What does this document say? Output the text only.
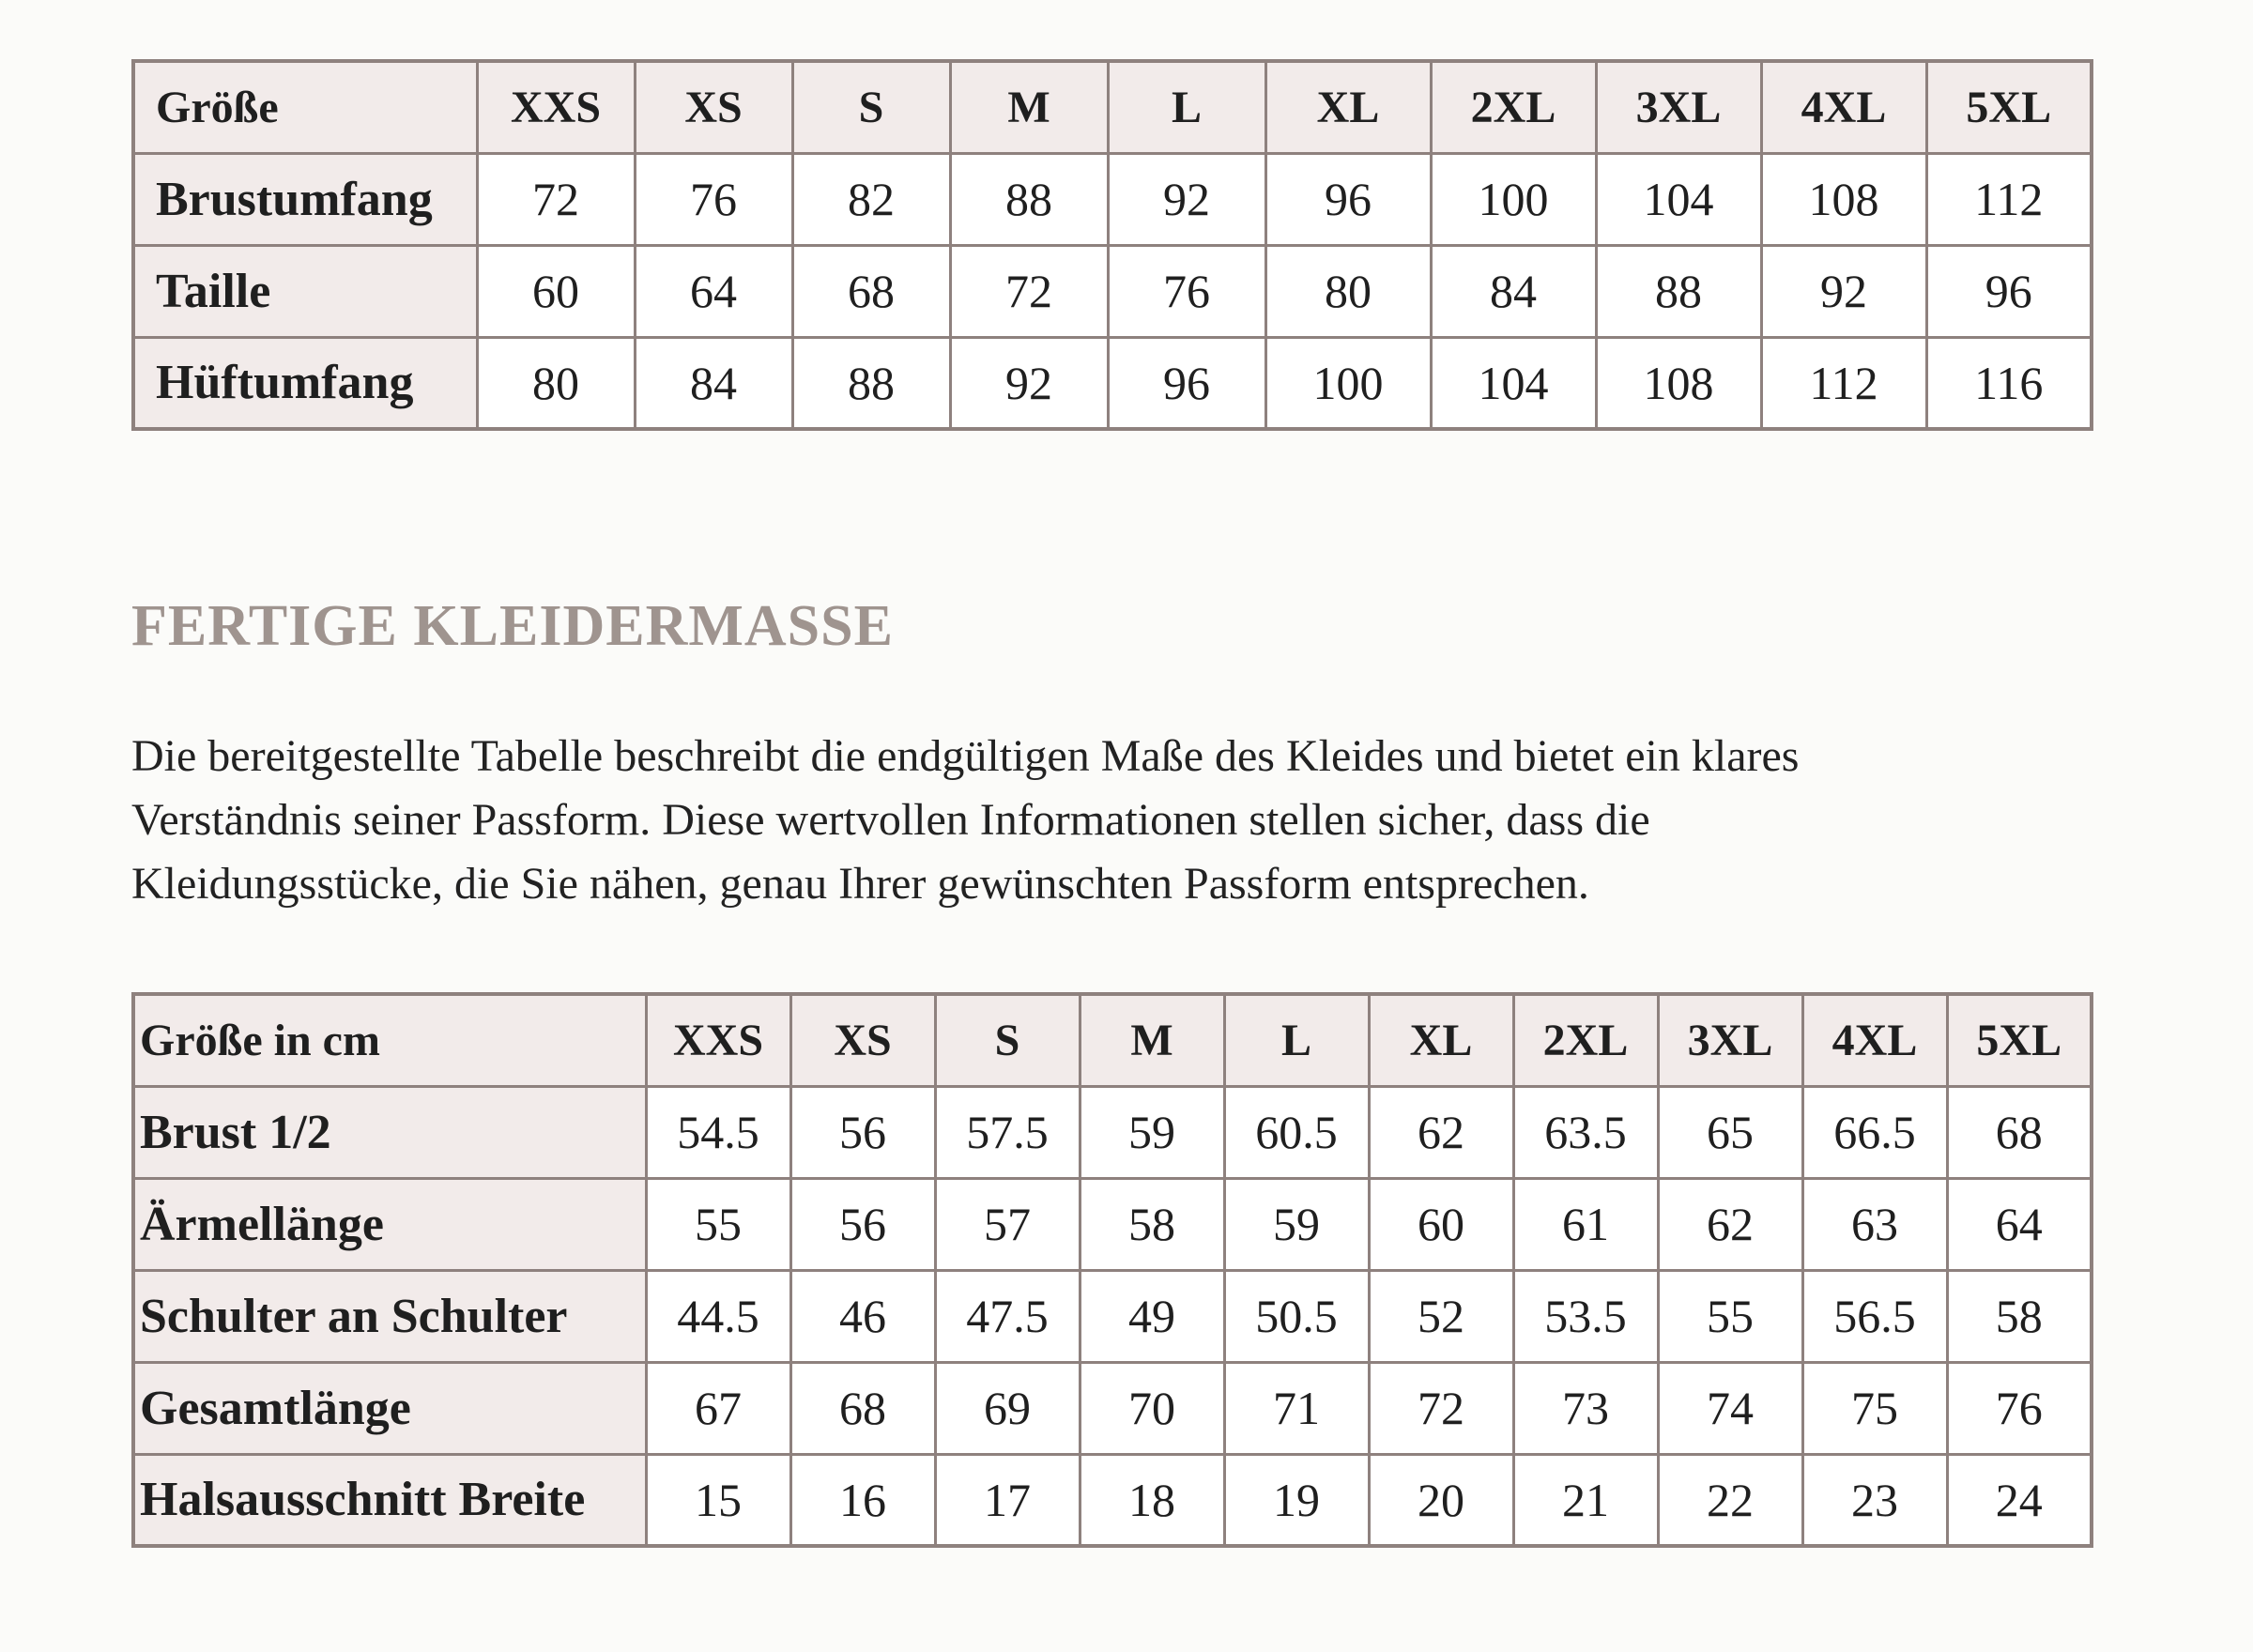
Größe	XXS	XS	S	M	L	XL	2XL	3XL	4XL	5XL
Brustumfang	72	76	82	88	92	96	100	104	108	112
Taille	60	64	68	72	76	80	84	88	92	96
Hüftumfang	80	84	88	92	96	100	104	108	112	116
FERTIGE KLEIDERMASSE

Die bereitgestellte Tabelle beschreibt die endgültigen Maße des Kleides und bietet ein klares
Verständnis seiner Passform. Diese wertvollen Informationen stellen sicher, dass die
Kleidungsstücke, die Sie nähen, genau Ihrer gewünschten Passform entsprechen.

Größe in cm	XXS	XS	S	M	L	XL	2XL	3XL	4XL	5XL
Brust 1/2	54.5	56	57.5	59	60.5	62	63.5	65	66.5	68
Ärmellänge	55	56	57	58	59	60	61	62	63	64
Schulter an Schulter	44.5	46	47.5	49	50.5	52	53.5	55	56.5	58
Gesamtlänge	67	68	69	70	71	72	73	74	75	76
Halsausschnitt Breite	15	16	17	18	19	20	21	22	23	24
